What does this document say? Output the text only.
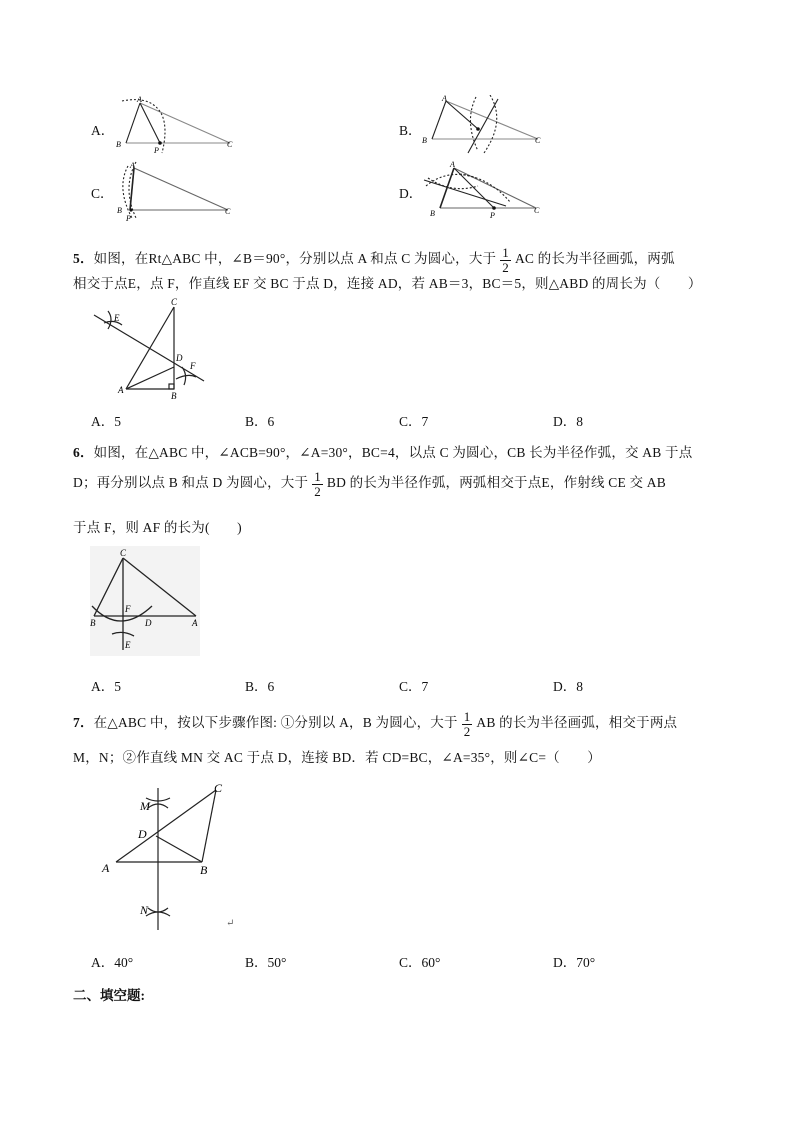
A．
A
B	C
P
B．
A
B	C
C．
A
B	C
P
D．
A
B	C
P
5．如图，在Rt△ABC 中，∠B＝90°，分别以点 A 和点 C 为圆心，大于 $\frac{1}{2}$ AC 的长为半径画弧，两弧
相交于点E，点 F，作直线 EF 交 BC 于点 D，连接 AD，若 AB＝3，BC＝5，则△ABD 的周长为（　　）
C
D
E
F
A
B
A．5	B．6	C．7	D．8
6．如图，在△ABC 中，∠ACB=90°，∠A=30°，BC=4，以点 C 为圆心，CB 长为半径作弧，交 AB 于点
D；再分别以点 B 和点 D 为圆心，大于 $\frac{1}{2}$ BD 的长为半径作弧，两弧相交于点E，作射线 CE 交 AB
于点 F，则 AF 的长为(　　)
C
F
B	D	A
E
A．5	B．6	C．7	D．8
7．在△ABC 中，按以下步骤作图: ①分别以 A，B 为圆心，大于 $\frac{1}{2}$ AB 的长为半径画弧，相交于两点
M，N；②作直线 MN 交 AC 于点 D，连接 BD．若 CD=BC，∠A=35°，则∠C=（　　）
M
D
A	B
C
N
↵
A．40°	B．50°	C．60°	D．70°
二、填空题:
